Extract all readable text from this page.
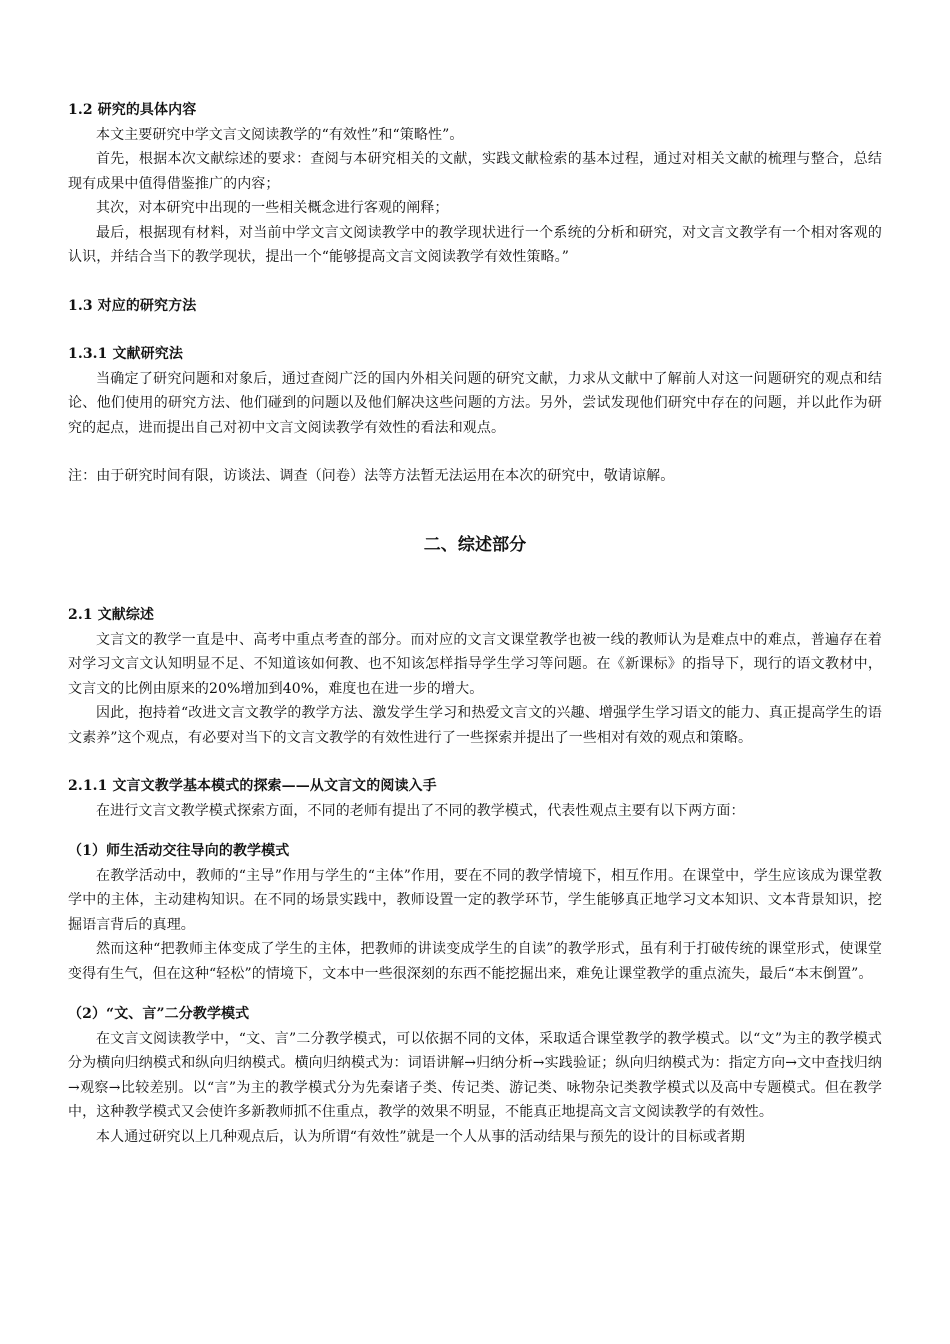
1.2 研究的具体内容

本文主要研究中学文言文阅读教学的“有效性”和“策略性”。

首先，根据本次文献综述的要求：查阅与本研究相关的文献，实践文献检索的基本过程，通过对相关文献的梳理与整合，总结现有成果中值得借鉴推广的内容；

其次，对本研究中出现的一些相关概念进行客观的阐释；

最后，根据现有材料，对当前中学文言文阅读教学中的教学现状进行一个系统的分析和研究，对文言文教学有一个相对客观的认识，并结合当下的教学现状，提出一个“能够提高文言文阅读教学有效性策略。”

1.3 对应的研究方法

1.3.1 文献研究法

当确定了研究问题和对象后，通过查阅广泛的国内外相关问题的研究文献，力求从文献中了解前人对这一问题研究的观点和结论、他们使用的研究方法、他们碰到的问题以及他们解决这些问题的方法。另外，尝试发现他们研究中存在的问题，并以此作为研究的起点，进而提出自己对初中文言文阅读教学有效性的看法和观点。

注：由于研究时间有限，访谈法、调查（问卷）法等方法暂无法运用在本次的研究中，敬请谅解。

二、综述部分

2.1 文献综述

文言文的教学一直是中、高考中重点考查的部分。而对应的文言文课堂教学也被一线的教师认为是难点中的难点，普遍存在着对学习文言文认知明显不足、不知道该如何教、也不知该怎样指导学生学习等问题。在《新课标》的指导下，现行的语文教材中，文言文的比例由原来的20%增加到40%，难度也在进一步的增大。

因此，抱持着“改进文言文教学的教学方法、激发学生学习和热爱文言文的兴趣、增强学生学习语文的能力、真正提高学生的语文素养”这个观点，有必要对当下的文言文教学的有效性进行了一些探索并提出了一些相对有效的观点和策略。

2.1.1 文言文教学基本模式的探索——从文言文的阅读入手

在进行文言文教学模式探索方面，不同的老师有提出了不同的教学模式，代表性观点主要有以下两方面：

（1）师生活动交往导向的教学模式

在教学活动中，教师的“主导”作用与学生的“主体”作用，要在不同的教学情境下，相互作用。在课堂中，学生应该成为课堂教学中的主体，主动建构知识。在不同的场景实践中，教师设置一定的教学环节，学生能够真正地学习文本知识、文本背景知识，挖掘语言背后的真理。

然而这种“把教师主体变成了学生的主体，把教师的讲读变成学生的自读”的教学形式，虽有利于打破传统的课堂形式，使课堂变得有生气，但在这种“轻松”的情境下，文本中一些很深刻的东西不能挖掘出来，难免让课堂教学的重点流失，最后“本末倒置”。

（2）“文、言”二分教学模式

在文言文阅读教学中，“文、言”二分教学模式，可以依据不同的文体，采取适合课堂教学的教学模式。以“文”为主的教学模式分为横向归纳模式和纵向归纳模式。横向归纳模式为：词语讲解→归纳分析→实践验证；纵向归纳模式为：指定方向→文中查找归纳→观察→比较差别。以“言”为主的教学模式分为先秦诸子类、传记类、游记类、咏物杂记类教学模式以及高中专题模式。但在教学中，这种教学模式又会使许多新教师抓不住重点，教学的效果不明显，不能真正地提高文言文阅读教学的有效性。

本人通过研究以上几种观点后，认为所谓“有效性”就是一个人从事的活动结果与预先的设计的目标或者期
